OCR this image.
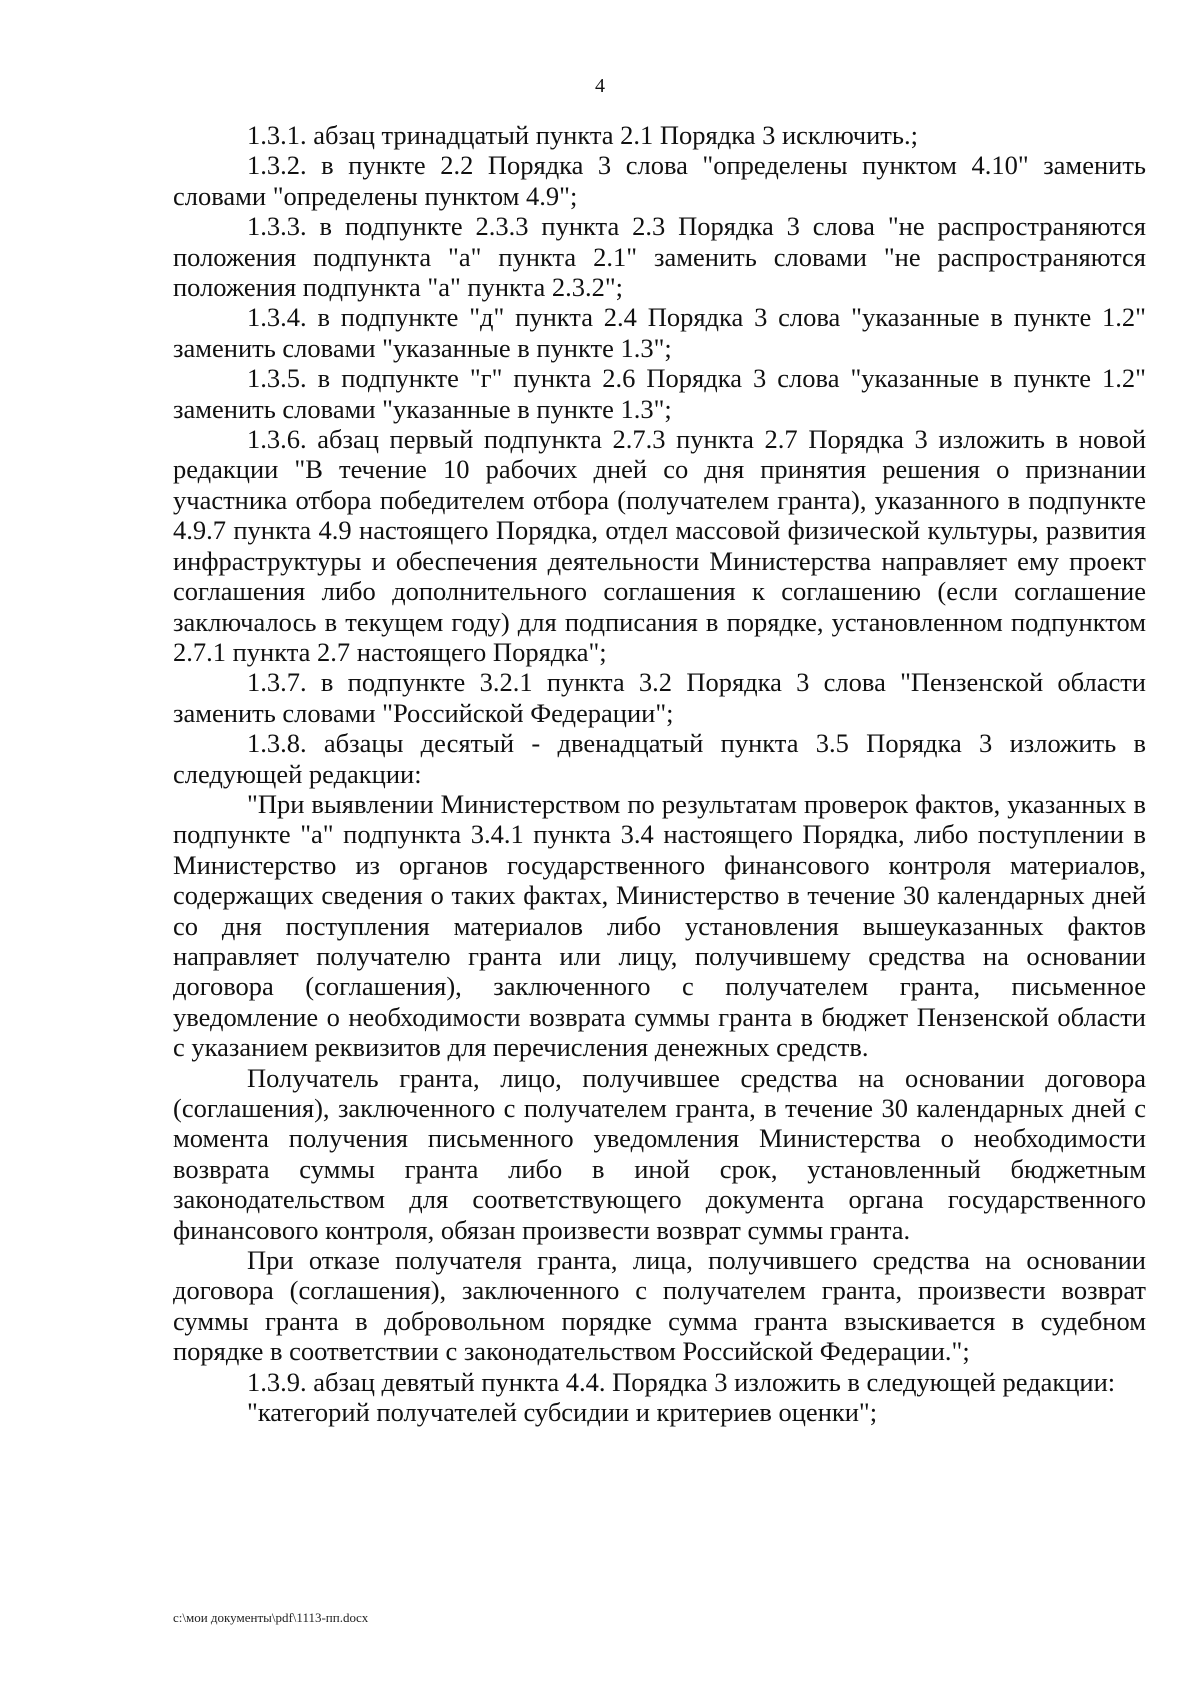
4

1.3.1. абзац тринадцатый пункта 2.1 Порядка 3 исключить.;

1.3.2. в пункте 2.2 Порядка 3 слова "определены пунктом 4.10" заменить словами "определены пунктом 4.9";

1.3.3. в подпункте 2.3.3 пункта 2.3 Порядка 3 слова "не распространяются положения подпункта "а" пункта 2.1" заменить словами "не распространяются положения подпункта "а" пункта 2.3.2";

1.3.4. в подпункте "д" пункта 2.4 Порядка 3 слова "указанные в пункте 1.2" заменить словами "указанные в пункте 1.3";

1.3.5. в подпункте "г" пункта 2.6 Порядка 3 слова "указанные в пункте 1.2" заменить словами "указанные в пункте 1.3";

1.3.6. абзац первый подпункта 2.7.3 пункта 2.7 Порядка 3 изложить в новой редакции "В течение 10 рабочих дней со дня принятия решения о признании участника отбора победителем отбора (получателем гранта), указанного в подпункте 4.9.7 пункта 4.9 настоящего Порядка, отдел массовой физической культуры, развития инфраструктуры и обеспечения деятельности Министерства направляет ему проект соглашения либо дополнительного соглашения к соглашению (если соглашение заключалось в текущем году) для подписания в порядке, установленном подпунктом 2.7.1 пункта 2.7 настоящего Порядка";

1.3.7. в подпункте 3.2.1 пункта 3.2 Порядка 3 слова "Пензенской области заменить словами "Российской Федерации";

1.3.8. абзацы десятый - двенадцатый пункта 3.5 Порядка 3 изложить в следующей редакции:

"При выявлении Министерством по результатам проверок фактов, указанных в подпункте "а" подпункта 3.4.1 пункта 3.4 настоящего Порядка, либо поступлении в Министерство из органов государственного финансового контроля материалов, содержащих сведения о таких фактах, Министерство в течение 30 календарных дней со дня поступления материалов либо установления вышеуказанных фактов направляет получателю гранта или лицу, получившему средства на основании договора (соглашения), заключенного с получателем гранта, письменное уведомление о необходимости возврата суммы гранта в бюджет Пензенской области с указанием реквизитов для перечисления денежных средств.

Получатель гранта, лицо, получившее средства на основании договора (соглашения), заключенного с получателем гранта, в течение 30 календарных дней с момента получения письменного уведомления Министерства о необходимости возврата суммы гранта либо в иной срок, установленный бюджетным законодательством для соответствующего документа органа государственного финансового контроля, обязан произвести возврат суммы гранта.

При отказе получателя гранта, лица, получившего средства на основании договора (соглашения), заключенного с получателем гранта, произвести возврат суммы гранта в добровольном порядке сумма гранта взыскивается в судебном порядке в соответствии с законодательством Российской Федерации.";

1.3.9. абзац девятый пункта 4.4. Порядка 3 изложить в следующей редакции:

"категорий получателей субсидии и критериев оценки";

c:\мои документы\pdf\1113-пп.docx
